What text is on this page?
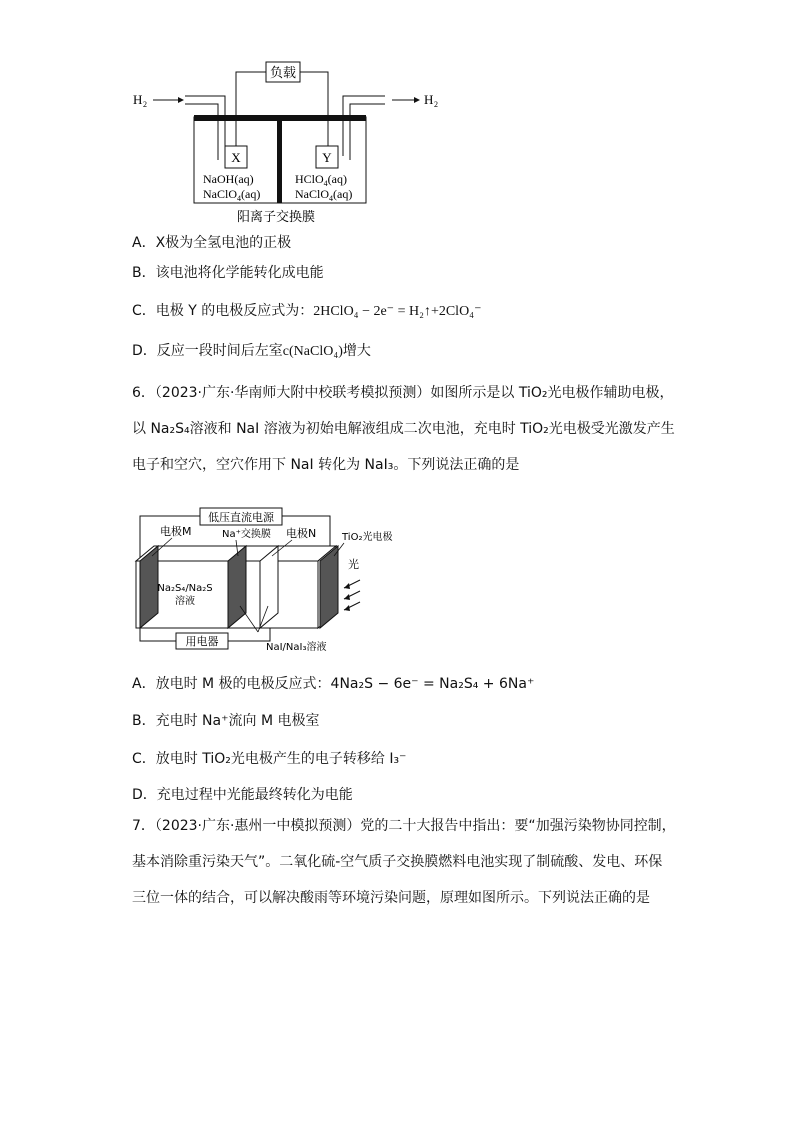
H 2	H 2
负载
X	Y
NaOH(aq)
NaClO$_4$(aq)
HClO$_4$(aq)
NaClO$_4$(aq)
阳离子交换膜
A．X极为全氢电池的正极
B．该电池将化学能转化成电能
C．电极 Y 的电极反应式为：2HClO₄ − 2e⁻ = H₂↑+2ClO₄⁻
D．反应一段时间后左室c(NaClO₄)增大
6．（2023·广东·华南师大附中校联考模拟预测）如图所示是以 TiO₂光电极作辅助电极，
以 Na₂S₄溶液和 NaI 溶液为初始电解液组成二次电池，充电时 TiO₂光电极受光激发产生
电子和空穴，空穴作用下 NaI 转化为 NaI₃。下列说法正确的是
低压直流电源
电极M	Na⁺交换膜 电极N	TiO₂光电极
光
Na₂S₄/Na₂S
溶液
用电器	NaI/NaI₃溶液
A．放电时 M 极的电极反应式：4Na₂S − 6e⁻ = Na₂S₄ + 6Na⁺
B．充电时 Na⁺流向 M 电极室
C．放电时 TiO₂光电极产生的电子转移给 I₃⁻
D．充电过程中光能最终转化为电能
7．（2023·广东·惠州一中模拟预测）党的二十大报告中指出：要“加强污染物协同控制，
基本消除重污染天气”。二氧化硫-空气质子交换膜燃料电池实现了制硫酸、发电、环保
三位一体的结合，可以解决酸雨等环境污染问题，原理如图所示。下列说法正确的是
